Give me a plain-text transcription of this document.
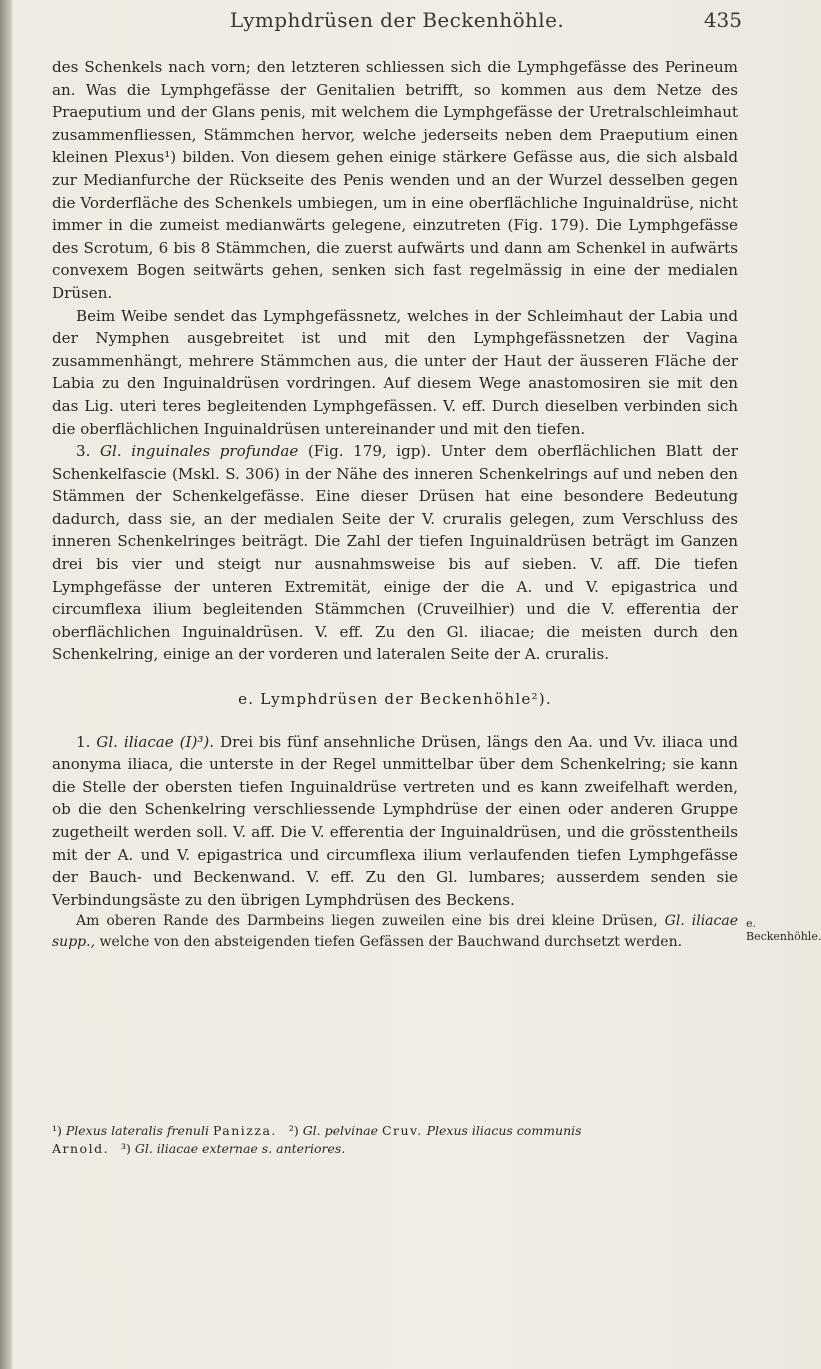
Lymphdrüsen der Beckenhöhle.	435

des Schenkels nach vorn; den letzteren schliessen sich die Lymphgefässe des Perineum an. Was die Lymphgefässe der Genitalien betrifft, so kommen aus dem Netze des Praeputium und der Glans penis, mit welchem die Lymphgefässe der Uretralschleimhaut zusammenfliessen, Stämmchen hervor, welche jederseits neben dem Praeputium einen kleinen Plexus¹) bilden. Von diesem gehen einige stärkere Gefässe aus, die sich alsbald zur Medianfurche der Rückseite des Penis wenden und an der Wurzel desselben gegen die Vorderfläche des Schenkels umbiegen, um in eine oberflächliche Inguinaldrüse, nicht immer in die zumeist medianwärts gelegene, einzutreten (Fig. 179). Die Lymphgefässe des Scrotum, 6 bis 8 Stämmchen, die zuerst aufwärts und dann am Schenkel in aufwärts convexem Bogen seitwärts gehen, senken sich fast regelmässig in eine der medialen Drüsen.

Beim Weibe sendet das Lymphgefässnetz, welches in der Schleimhaut der Labia und der Nymphen ausgebreitet ist und mit den Lymphgefässnetzen der Vagina zusammenhängt, mehrere Stämmchen aus, die unter der Haut der äusseren Fläche der Labia zu den Inguinaldrüsen vordringen. Auf diesem Wege anastomosiren sie mit den das Lig. uteri teres begleitenden Lymphgefässen. V. eff. Durch dieselben verbinden sich die oberflächlichen Inguinaldrüsen untereinander und mit den tiefen.

3. Gl. inguinales profundae (Fig. 179, igp). Unter dem oberflächlichen Blatt der Schenkelfascie (Mskl. S. 306) in der Nähe des inneren Schenkelrings auf und neben den Stämmen der Schenkelgefässe. Eine dieser Drüsen hat eine besondere Bedeutung dadurch, dass sie, an der medialen Seite der V. cruralis gelegen, zum Verschluss des inneren Schenkelringes beiträgt. Die Zahl der tiefen Inguinaldrüsen beträgt im Ganzen drei bis vier und steigt nur ausnahmsweise bis auf sieben. V. aff. Die tiefen Lymphgefässe der unteren Extremität, einige der die A. und V. epigastrica und circumflexa ilium begleitenden Stämmchen (Cruveilhier) und die V. efferentia der oberflächlichen Inguinaldrüsen. V. eff. Zu den Gl. iliacae; die meisten durch den Schenkelring, einige an der vorderen und lateralen Seite der A. cruralis.

e. Lymphdrüsen der Beckenhöhle²).

1. Gl. iliacae (I)³). Drei bis fünf ansehnliche Drüsen, längs den Aa. und Vv. iliaca und anonyma iliaca, die unterste in der Regel unmittelbar über dem Schenkelring; sie kann die Stelle der obersten tiefen Inguinaldrüse vertreten und es kann zweifelhaft werden, ob die den Schenkelring verschliessende Lymphdrüse der einen oder anderen Gruppe zugetheilt werden soll. V. aff. Die V. efferentia der Inguinaldrüsen, und die grösstentheils mit der A. und V. epigastrica und circumflexa ilium verlaufenden tiefen Lymphgefässe der Bauch- und Beckenwand. V. eff. Zu den Gl. lumbares; ausserdem senden sie Verbindungsäste zu den übrigen Lymphdrüsen des Beckens.

Am oberen Rande des Darmbeins liegen zuweilen eine bis drei kleine Drüsen, Gl. iliacae supp., welche von den absteigenden tiefen Gefässen der Bauchwand durchsetzt werden.

e. Beckenhöhle.
¹) Plexus lateralis frenuli Panizza. ²) Gl. pelvinae Cruv. Plexus iliacus communis
Arnold. ³) Gl. iliacae externae s. anteriores.
